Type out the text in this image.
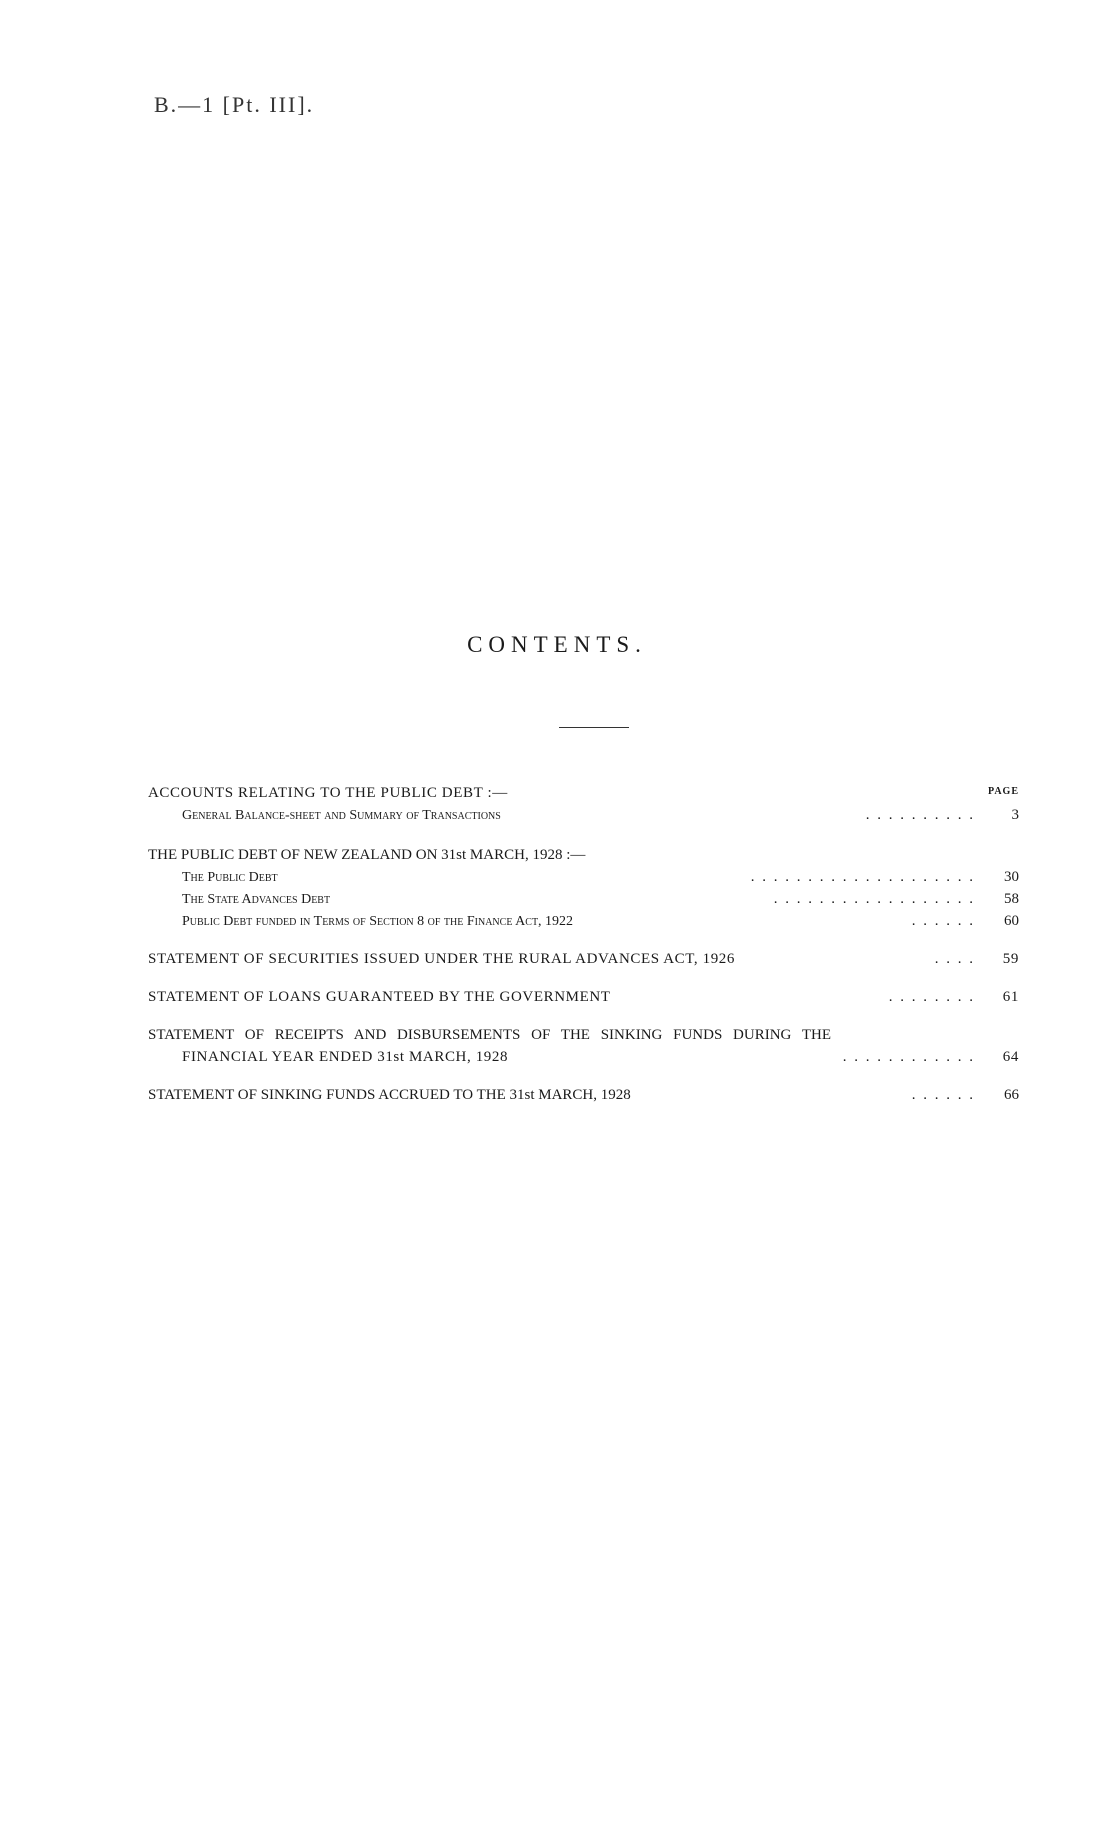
B.—1 [Pt. III].
CONTENTS.
PAGE
ACCOUNTS RELATING TO THE PUBLIC DEBT :—
General Balance-sheet and Summary of Transactions	. . . . . . . . . .	3
THE PUBLIC DEBT OF NEW ZEALAND ON 31st MARCH, 1928 :—
The Public Debt	. . . . . . . . . . . . . . . . . . . .	30
The State Advances Debt	. . . . . . . . . . . . . . . . . .	58
Public Debt funded in Terms of Section 8 of the Finance Act, 1922	. . . . . .	60
STATEMENT OF SECURITIES ISSUED UNDER THE RURAL ADVANCES ACT, 1926	. . . .	59
STATEMENT OF LOANS GUARANTEED BY THE GOVERNMENT	. . . . . . . .	61
STATEMENT OF RECEIPTS AND DISBURSEMENTS OF THE SINKING FUNDS DURING THE
FINANCIAL YEAR ENDED 31st MARCH, 1928	. . . . . . . . . . . .	64
STATEMENT OF SINKING FUNDS ACCRUED TO THE 31st MARCH, 1928	. . . . . .	66
